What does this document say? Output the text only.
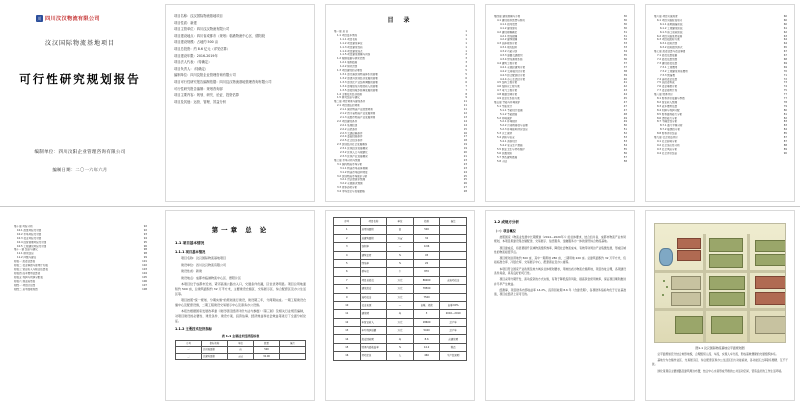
川 四川汶汉物流有限公司
汶汉国际物流基地项目
可行性研究规划报告
编制单位：四川汶阳企业管理咨询有限公司
编制日期：二〇一六年六月
项目名称：汶汉国际物流基地项目
项目性质：新建
项目主管单位：四川汶汉物流有限公司
项目建设地点：四川省成都市（规划）临港物流中心区、德阳段
项目建设规模：占地约 500 亩
项目总投资：约 8.6 亿元（详见估算）
项目建设年限：2016-2019年
项目法人代表：（待确定）
项目负责人：（待确定）
编制单位：四川汶阳企业管理咨询有限公司
项目可行性研究报告编制依据：四川汶汉物流基地管理咨询有限公司
可行性研究报告编制：规划咨询部
项目主要内容：规划、研究、论证、投资估算
项目及其他：运营、管理、效益分析
目 录
第一章 总 论	1
1.1 项目基本情况	1
1.1.1 项目名称	1
1.1.2 项目建设单位	1
1.1.3 项目建设性质	1
1.1.4 项目建设地点	1
1.1.5 项目建设规模与内容	2
1.2 编制依据与研究范围	3
1.2.1 编制依据	3
1.2.2 研究范围	4
1.3 项目建设的必要性	5
1.3.1 是完善区域物流体系的需要	5
1.3.2 是提升区域经济发展的需要	6
1.3.3 是优化产业结构调整的需要	6
1.3.4 是增加地方财政收入的需要	7
1.3.5 是促进城乡统筹发展的需要	7
1.4 主要技术经济指标	8
1.5 研究结论与建议	9
第二章 项目背景与建设条件	11
2.1 项目提出的背景	11
2.1.1 国家物流产业政策背景	11
2.1.2 四川省物流产业发展背景	12
2.1.3 成都市物流产业发展背景	13
2.2 项目建设条件	14
2.2.1 地理位置	14
2.2.2 自然条件	15
2.2.3 交通运输条件	16
2.2.4 基础设施条件	17
2.2.5 社会经济条件	18
2.3 区域经济社会发展概况	19
2.3.1 区域经济发展概况	19
2.3.2 区域人口与城镇化	20
2.3.3 区域产业发展概况	21
第三章 市场分析与预测	23
3.1 国内物流市场分析	23
3.1.1 物流市场总体规模	23
3.1.2 物流市场结构特征	24
3.2 区域物流市场需求分析	25
3.2.1 货运量需求预测	25
3.2.2 仓储需求预测	26
3.3 竞争态势分析	27
3.4 市场定位与发展策略	28
第四章 建设规模与方案	30
4.1 建设指导思想与原则	30
4.1.1 指导思想	30
4.1.2 建设原则	30
4.2 建设规模确定	31
4.2.1 用地规模	31
4.2.2 建筑规模	32
4.3 总体规划方案	33
4.3.1 规划结构	33
4.3.2 功能分区	34
4.3.3 道路交通组织	35
4.3.4 绿地景观系统	36
4.4 建筑工程方案	37
4.4.1 仓储区建筑方案	37
4.4.2 交易展示区方案	38
4.4.3 综合配套区方案	39
4.4.4 办公生活区方案	40
4.5 结构工程方案	41
4.6 给排水工程方案	42
4.7 电气工程方案	43
4.8 暖通空调方案	44
4.9 信息化系统方案	45
第五章 节能与环境保护	47
5.1 节能设计	47
5.1.1 节能设计依据	47
5.1.2 节能措施	48
5.2 环境保护	49
5.2.1 环境现状	49
5.2.2 污染物排放与治理	50
5.2.3 环境影响评价结论	51
5.3 水土保持	52
5.4 消防与安全	53
5.4.1 消防设计	53
5.4.2 安全生产措施	54
5.5 职业卫生与劳动保护	55
5.6 抗震设防	56
5.7 绿色建筑措施	57
5.8 小结	58
第六章 项目实施进度	60
6.1 项目实施阶段划分	60
6.1.1 前期准备阶段	60
6.1.2 工程建设阶段	61
6.1.3 竣工验收阶段	62
6.2 项目实施进度安排	63
6.3 项目招投标方案	64
6.3.1 招标范围	64
6.3.2 招标组织形式	65
第七章 投资估算与资金筹措	67
7.1 投资估算依据	67
7.2 投资估算范围	68
7.3 建设投资估算	69
7.3.1 工程费用	69
7.3.2 工程建设其他费用	70
7.3.3 预备费	71
7.4 流动资金估算	72
7.5 总投资构成	73
7.6 资金筹措方案	74
7.7 资金使用计划	75
第八章 财务评价	77
8.1 财务评价依据与参数	77
8.2 营业收入预测	78
8.3 成本费用估算	79
8.4 利润与利润分配	80
8.5 财务盈利能力分析	81
8.6 清偿能力分析	82
8.7 不确定性分析	83
8.7.1 盈亏平衡分析	83
8.7.2 敏感性分析	84
8.8 财务评价结论	85
第九章 社会效益评价	87
9.1 社会影响分析	87
9.2 社会适应性分析	88
9.3 社会风险分析	89
9.4 社会评价结论	90
第十章 风险分析	92
10.1 政策风险及对策	92
10.2 市场风险及对策	93
10.3 资金风险及对策	94
10.4 经营管理风险及对策	95
10.5 工程建设风险及对策	96
第十一章 结论与建议	98
11.1 研究结论	98
11.2 问题与建议	99
附表一 投资估算表	101
附表二 资金筹措与使用计划表	102
附表三 营业收入与税金估算表	103
附表四 成本费用估算表	104
附表五 利润与利润分配表	105
附表六 现金流量表	106
附图一 项目区位图	107
附图二 总平面规划图	108
第一章 总 论
1.1 项目基本情况
1.1.1 项目基本情况

项目名称：汶汉国际物流基地项目

建设单位：四川汶汉物流有限公司

建设性质：新建

建设地点：成都市临港物流中心区、德阳片区

本项目位于成都市近郊，紧邻高速公路出入口，交通条件优越，区位优势明显。项目总用地面积约 500 亩，总建筑面积约 32 万平方米，主要建设仓储区、交易展示区、综合配套区及办公生活区等。

项目按照"统一规划、分期实施"的原则进行建设，建设期三年，分两期完成。一期工程建设仓储中心及配套设施，二期工程建设交易展示中心及商务办公设施。

本报告根据国家发展改革委《建设项目经济评价方法与参数》（第三版）及相关行业规范编制，对项目建设的必要性、建设条件、建设方案、投资估算、经济效益和社会效益等进行了全面分析论证。

1.1.2 主要技术经济指标
表 1-1 主要技术经济指标表
序号	指标名称	单位	数量	备注
一	总用地面积	亩	500	
二	总建筑面积	万㎡	32.00	
序号	项目名称	单位	指标	备注
1	总用地面积	亩	500	
2	总建筑面积	万㎡	32	
3	容积率	—	0.96	
4	建筑密度	%	45	
5	绿地率	%	20	
6	停车位	个	870	
7	项目总投资	万元	86000	含流动资金
8	建设投资	万元	78500	
9	流动资金	万元	7500	
10	资金来源	—	自筹、贷款	自筹 60%
11	建设期	年	3	2016—2019
12	年营业收入	万元	18600	达产年
13	年均利润总额	万元	5420	达产年
14	投资回收期	年	8.6	含建设期
15	财务内部收益率	%	14.2	税后
16	劳动定员	人	460	生产经营期
1.2 成规方分析
（一）项目概况

按照国家《物流业发展中长期规划（2014—2020年）》的总体要求，结合四川省、成都市物流产业布局规划，本项目拟建设集仓储配送、交易展示、信息服务、金融服务为一体的现代综合物流基地。

项目建成后，将显著提升区域物流组织效率，降低社会物流成本，有效带动周边产业集聚发展，形成区域性的物流枢纽节点。

项目规划总用地约 500 亩，其中一期用地 280 亩，二期用地 220 亩。总建筑面积约 32 万平方米，包括标准仓库、冷链仓库、交易展示中心、配套商业及办公楼等。

本项目符合国家产业政策及地方城乡总体规划要求，用地性质为物流仓储用地，项目选址合理，各项建设条件具备，具有良好的可行性。

项目采用分期开发、滚动投资的方式实施，有利于降低投资风险，提高资金使用效率，保证项目顺利推进并尽早产生效益。

经测算，项目财务内部收益率 14.2%，投资回收期 8.6 年（含建设期），各项财务指标均优于行业基准值，项目在经济上是可行的。

图1-1 汶汉国际物流基地总平面规划图

总平面规划充分结合地形地貌，合理组织人流、车流，实现人车分流，形成高效便捷的交通组织体系。

基地分为仓储作业区、交易展示区、综合配套区和办公生活区四大功能板块，各功能区之间联系便捷、互不干扰。

绿化景观沿主要道路及建筑周边布置，结合中心水景形成开敞的公共活动空间，营造良好的工作生活环境。
